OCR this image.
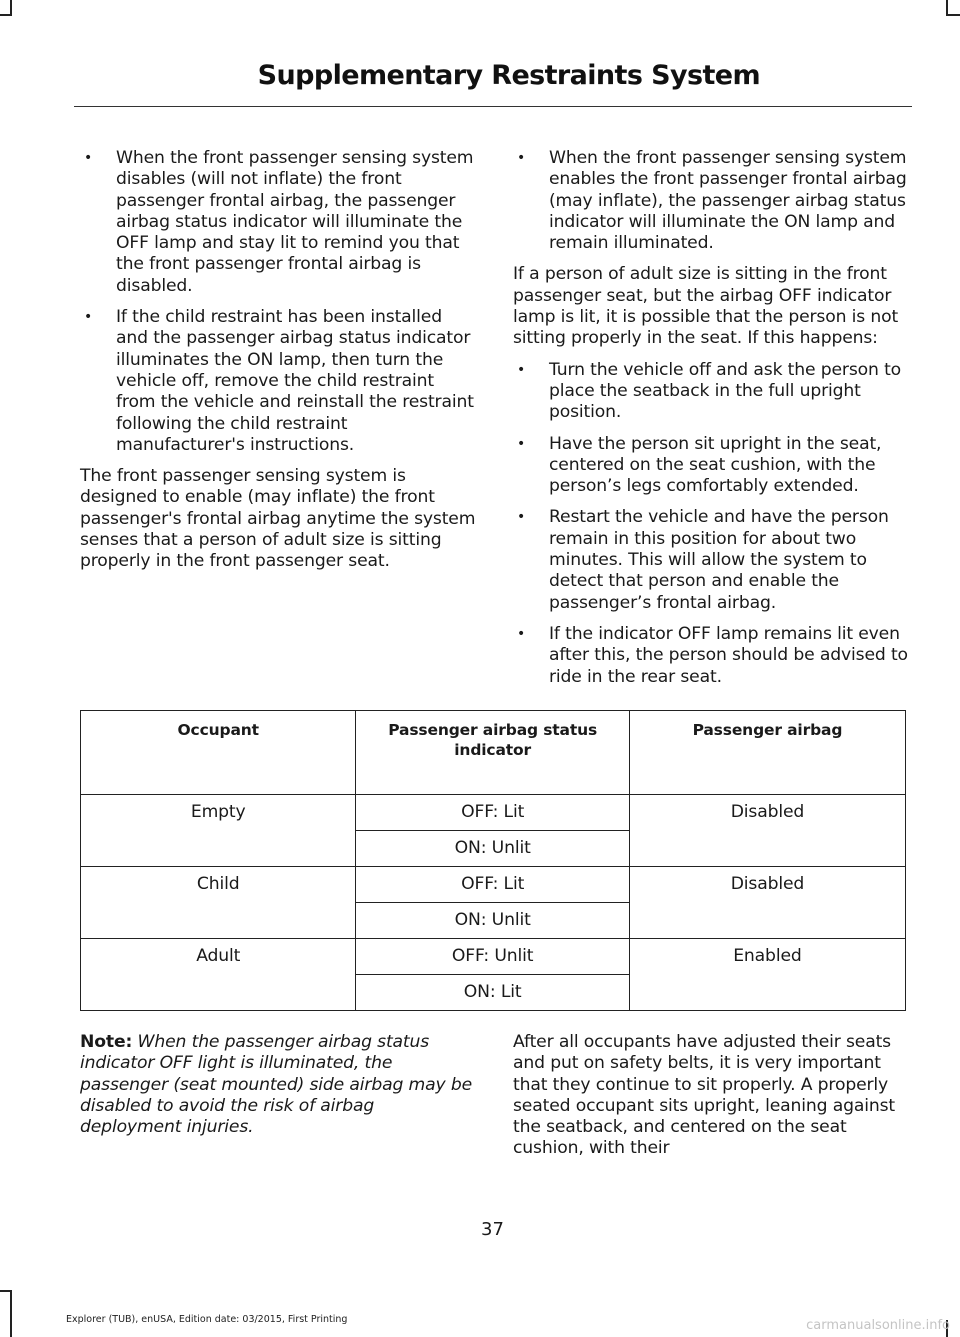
Supplementary Restraints System
• When the front passenger sensing system disables (will not inflate) the front passenger frontal airbag, the passenger airbag status indicator will illuminate the OFF lamp and stay lit to remind you that the front passenger frontal airbag is disabled.
• If the child restraint has been installed and the passenger airbag status indicator illuminates the ON lamp, then turn the vehicle off, remove the child restraint from the vehicle and reinstall the restraint following the child restraint manufacturer's instructions.

The front passenger sensing system is designed to enable (may inflate) the front passenger's frontal airbag anytime the system senses that a person of adult size is sitting properly in the front passenger seat.

• When the front passenger sensing system enables the front passenger frontal airbag (may inflate), the passenger airbag status indicator will illuminate the ON lamp and remain illuminated.

If a person of adult size is sitting in the front passenger seat, but the airbag OFF indicator lamp is lit, it is possible that the person is not sitting properly in the seat. If this happens:

• Turn the vehicle off and ask the person to place the seatback in the full upright position.
• Have the person sit upright in the seat, centered on the seat cushion, with the person’s legs comfortably extended.
• Restart the vehicle and have the person remain in this position for about two minutes. This will allow the system to detect that person and enable the passenger’s frontal airbag.
• If the indicator OFF lamp remains lit even after this, the person should be advised to ride in the rear seat.
Occupant	Passenger airbag status indicator	Passenger airbag
Empty	OFF: Lit	Disabled
	ON: Unlit	
Child	OFF: Lit	Disabled
	ON: Unlit	
Adult	OFF: Unlit	Enabled
	ON: Lit	
Note: When the passenger airbag status indicator OFF light is illuminated, the passenger (seat mounted) side airbag may be disabled to avoid the risk of airbag deployment injuries.
After all occupants have adjusted their seats and put on safety belts, it is very important that they continue to sit properly. A properly seated occupant sits upright, leaning against the seatback, and centered on the seat cushion, with their
37
Explorer (TUB), enUSA, Edition date: 03/2015, First Printing	carmanualsonline.info
